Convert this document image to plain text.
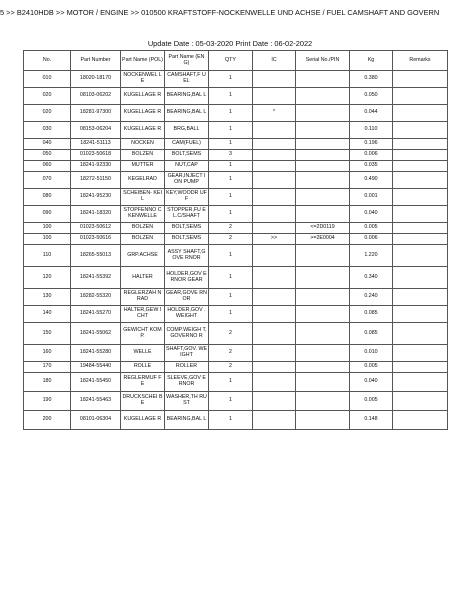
5 >> B2410HDB >> MOTOR / ENGINE >> 010500 KRAFTSTOFF-NOCKENWELLE UND ACHSE / FUEL CAMSHAFT AND GOVERN
Update Date : 05-03-2020 Print Date : 06-02-2022
No.	Part Number	Part Name (POL)	Part Name (ENG)	QTY	IC	Serial No./PIN	Kg	Remarks
010	18020-18170	NOCKENWEL LE	CAMSHAFT,F UEL	1			0.380	
020	08103-06202	KUGELLAGE R	BEARING,BAL L	1			0.050	
020	18281-97300	KUGELLAGE R	BEARING,BAL L	1	*		0.044	
030	08153-06204	KUGELLAGE R	BRG,BALL	1			0.110	
040	18241-51113	NOCKEN	CAM(FUEL)	1			0.196	
050	01023-50618	BOLZEN	BOLT,SEMS	3			0.006	
060	18241-92330	MUTTER	NUT,CAP	1			0.035	
070	18272-51150	KEGELRAD	GEAR,INJECT ION PUMP	1			0.490	
080	18241-95230	SCHEIBEN- KEIL	KEY,WOODR UFF	1			0.001	
090	18241-18320	STOPFENNO CKENWELLE	STOPPER,FU EL.C/SHAFT	1			0.040	
100	01023-50612	BOLZEN	BOLT,SEMS	2		<=2D0119	0.005	
100	01023-50616	BOLZEN	BOLT,SEMS	2	>>	>=2E0004	0.006	
110	18265-55013	GRP.ACHSE	ASSY SHAFT,GOVE RNOR	1			1.220	
120	18241-55392	HALTER	HOLDER,GOV ERNOR GEAR	1			0.340	
130	18282-55320	REGLERZAH NRAD	GEAR,GOVE RNOR	1			0.240	
140	18241-55270	HALTER,GEW ICHT	HOLDER,GOV .WEIGHT	1			0.085	
150	18241-55062	GEWICHT KOMP.	COMP.WEIGH T,GOVERNO R	2			0.085	
160	18241-55280	WELLE	SHAFT,GOV. WEIGHT	2			0.010	
170	19484-55440	ROLLE	ROLLER	2			0.005	
180	18241-55450	REGLERMUF FE	SLEEVE,GOV ERNOR	1			0.040	
190	18241-55463	DRUCKSCHEI BE	WASHER,TH RUST	1			0.005	
200	08101-06304	KUGELLAGE R	BEARING,BAL L	1			0.148	
